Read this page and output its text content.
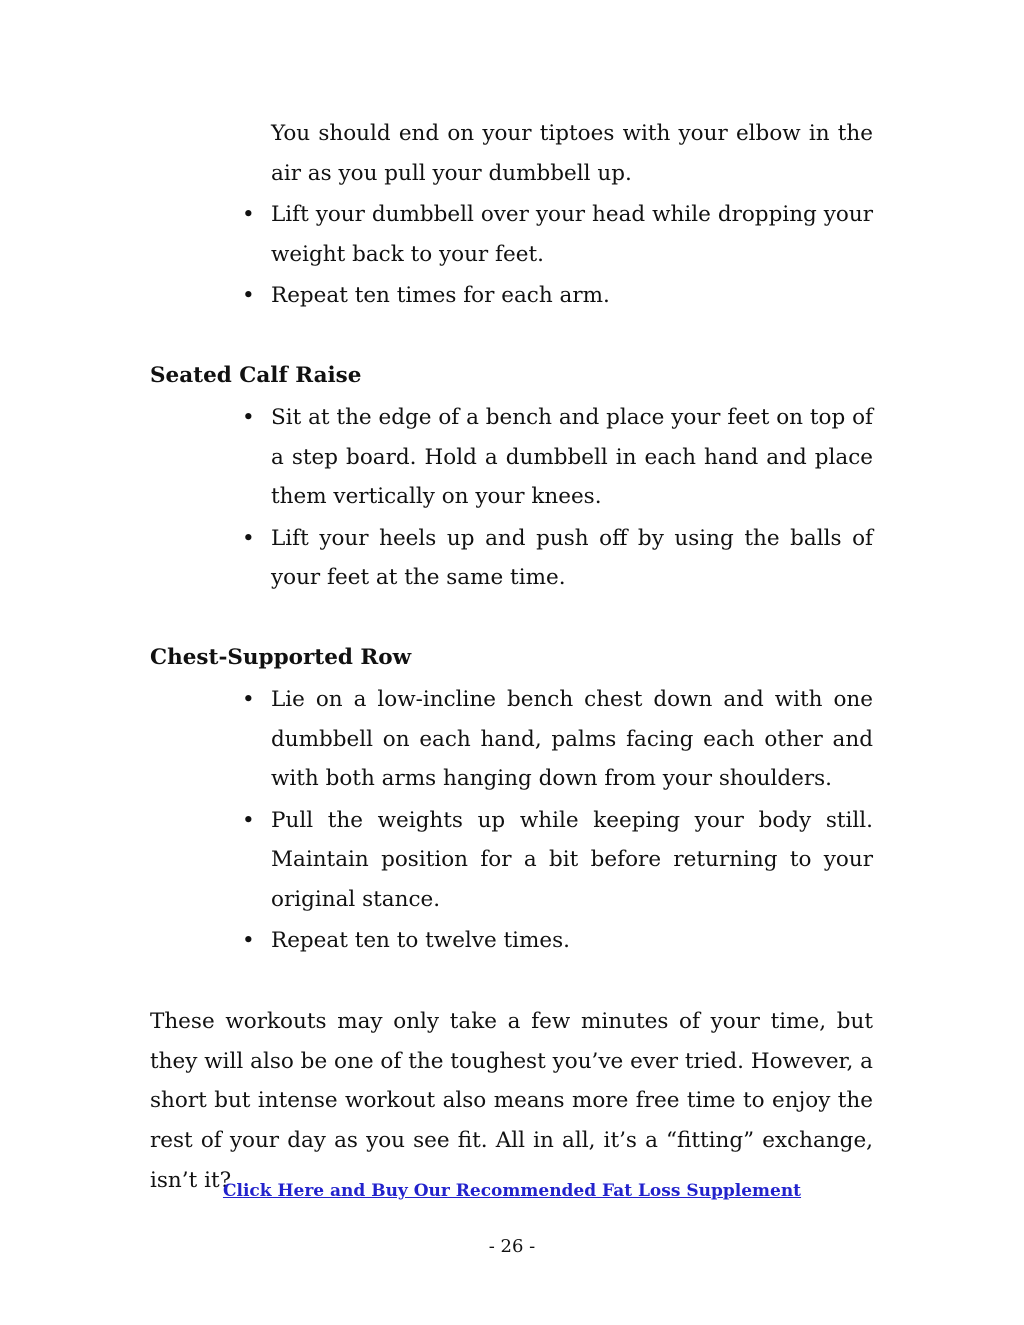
You should end on your tiptoes with your elbow in the air as you pull your dumbbell up.
• Lift your dumbbell over your head while dropping your weight back to your feet.
• Repeat ten times for each arm.
Seated Calf Raise
• Sit at the edge of a bench and place your feet on top of a step board. Hold a dumbbell in each hand and place them vertically on your knees.
• Lift your heels up and push off by using the balls of your feet at the same time.
Chest-Supported Row
• Lie on a low-incline bench chest down and with one dumbbell on each hand, palms facing each other and with both arms hanging down from your shoulders.
• Pull the weights up while keeping your body still. Maintain position for a bit before returning to your original stance.
• Repeat ten to twelve times.

These workouts may only take a few minutes of your time, but they will also be one of the toughest you’ve ever tried. However, a short but intense workout also means more free time to enjoy the rest of your day as you see fit. All in all, it’s a “fitting” exchange, isn’t it?

Click Here and Buy Our Recommended Fat Loss Supplement
- 26 -
